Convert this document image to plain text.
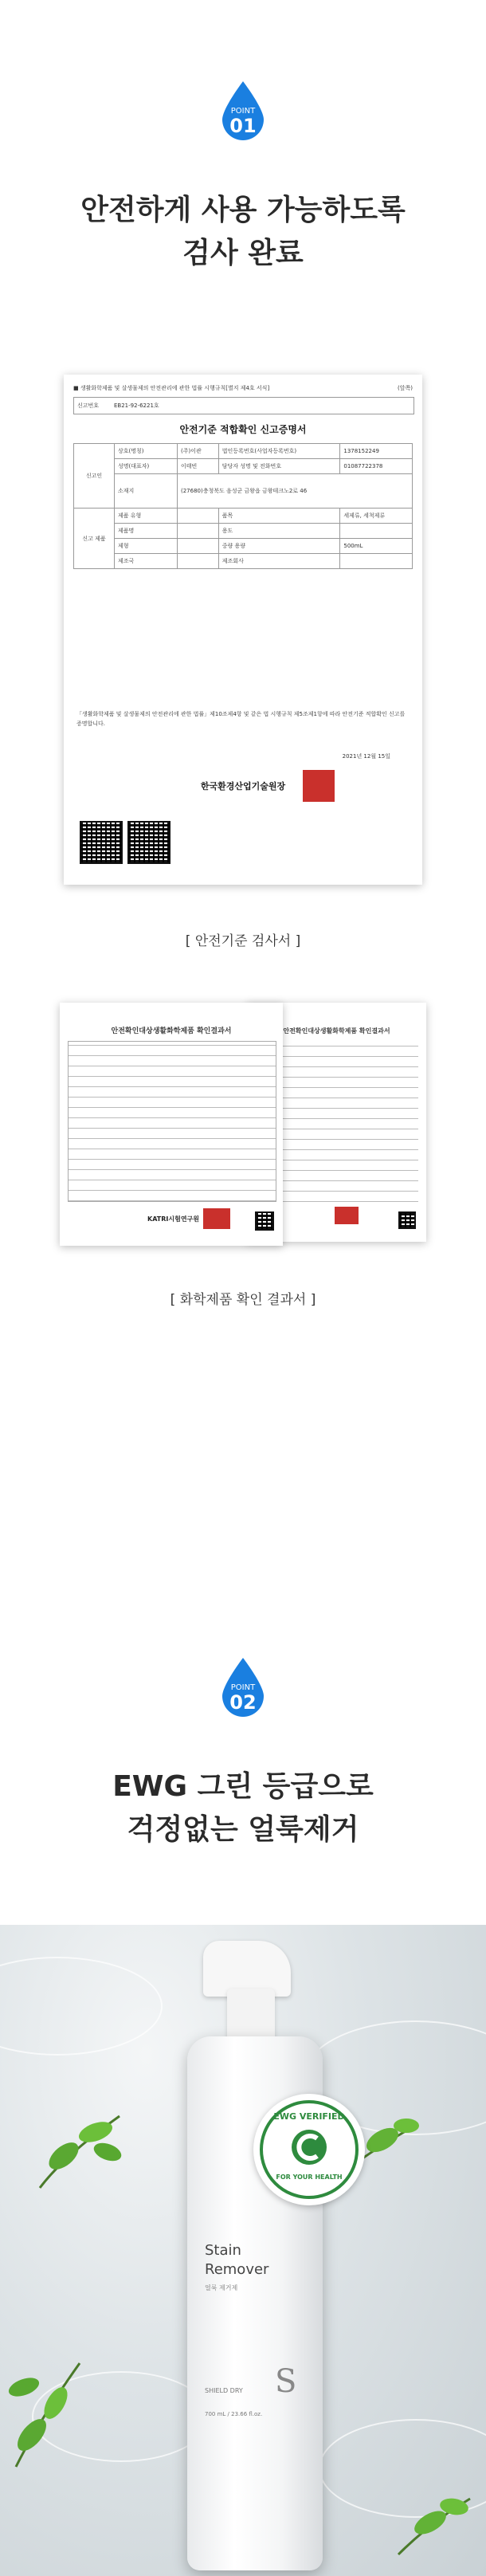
POINT
01
안전하게 사용 가능하도록
검사 완료
■ 생활화학제품 및 살생물제의 안전관리에 관한 법률 시행규칙[별지 제4호 서식]	(앞쪽)
신고번호	EB21-92-6221호
안전기준 적합확인 신고증명서
신고인	상호(명칭)	(주)이관	법인등록번호(사업자등록번호)	1378152249
	성명(대표자)	이태빈	담당자 성명 및 전화번호	01087722378
	소재지	(27680)충청북도 음성군 금왕읍 금왕테크노2로 46		
신고 제품	제품 유형		품목	세제류, 세척제류
	제품명		용도	
	제형		중량 용량	500mL
	제조국		제조회사	
「생활화학제품 및 살생물제의 안전관리에 관한 법률」제10조제4항 및 같은 법 시행규칙 제5조제1항에 따라 안전기준 적합확인 신고를 증명합니다.
2021년 12월 15일
한국환경산업기술원장
[ 안전기준 검사서 ]
안전확인대상생활화학제품 확인결과서
안전확인대상생활화학제품 확인결과서
KATRI시험연구원
[ 화학제품 확인 결과서 ]
POINT
02
EWG 그린 등급으로
걱정없는 얼룩제거
Stain
Remover
얼룩 제거제
SHIELD DRY
700 mL / 23.66 fl.oz.
S
EWG VERIFIED
FOR YOUR HEALTH
